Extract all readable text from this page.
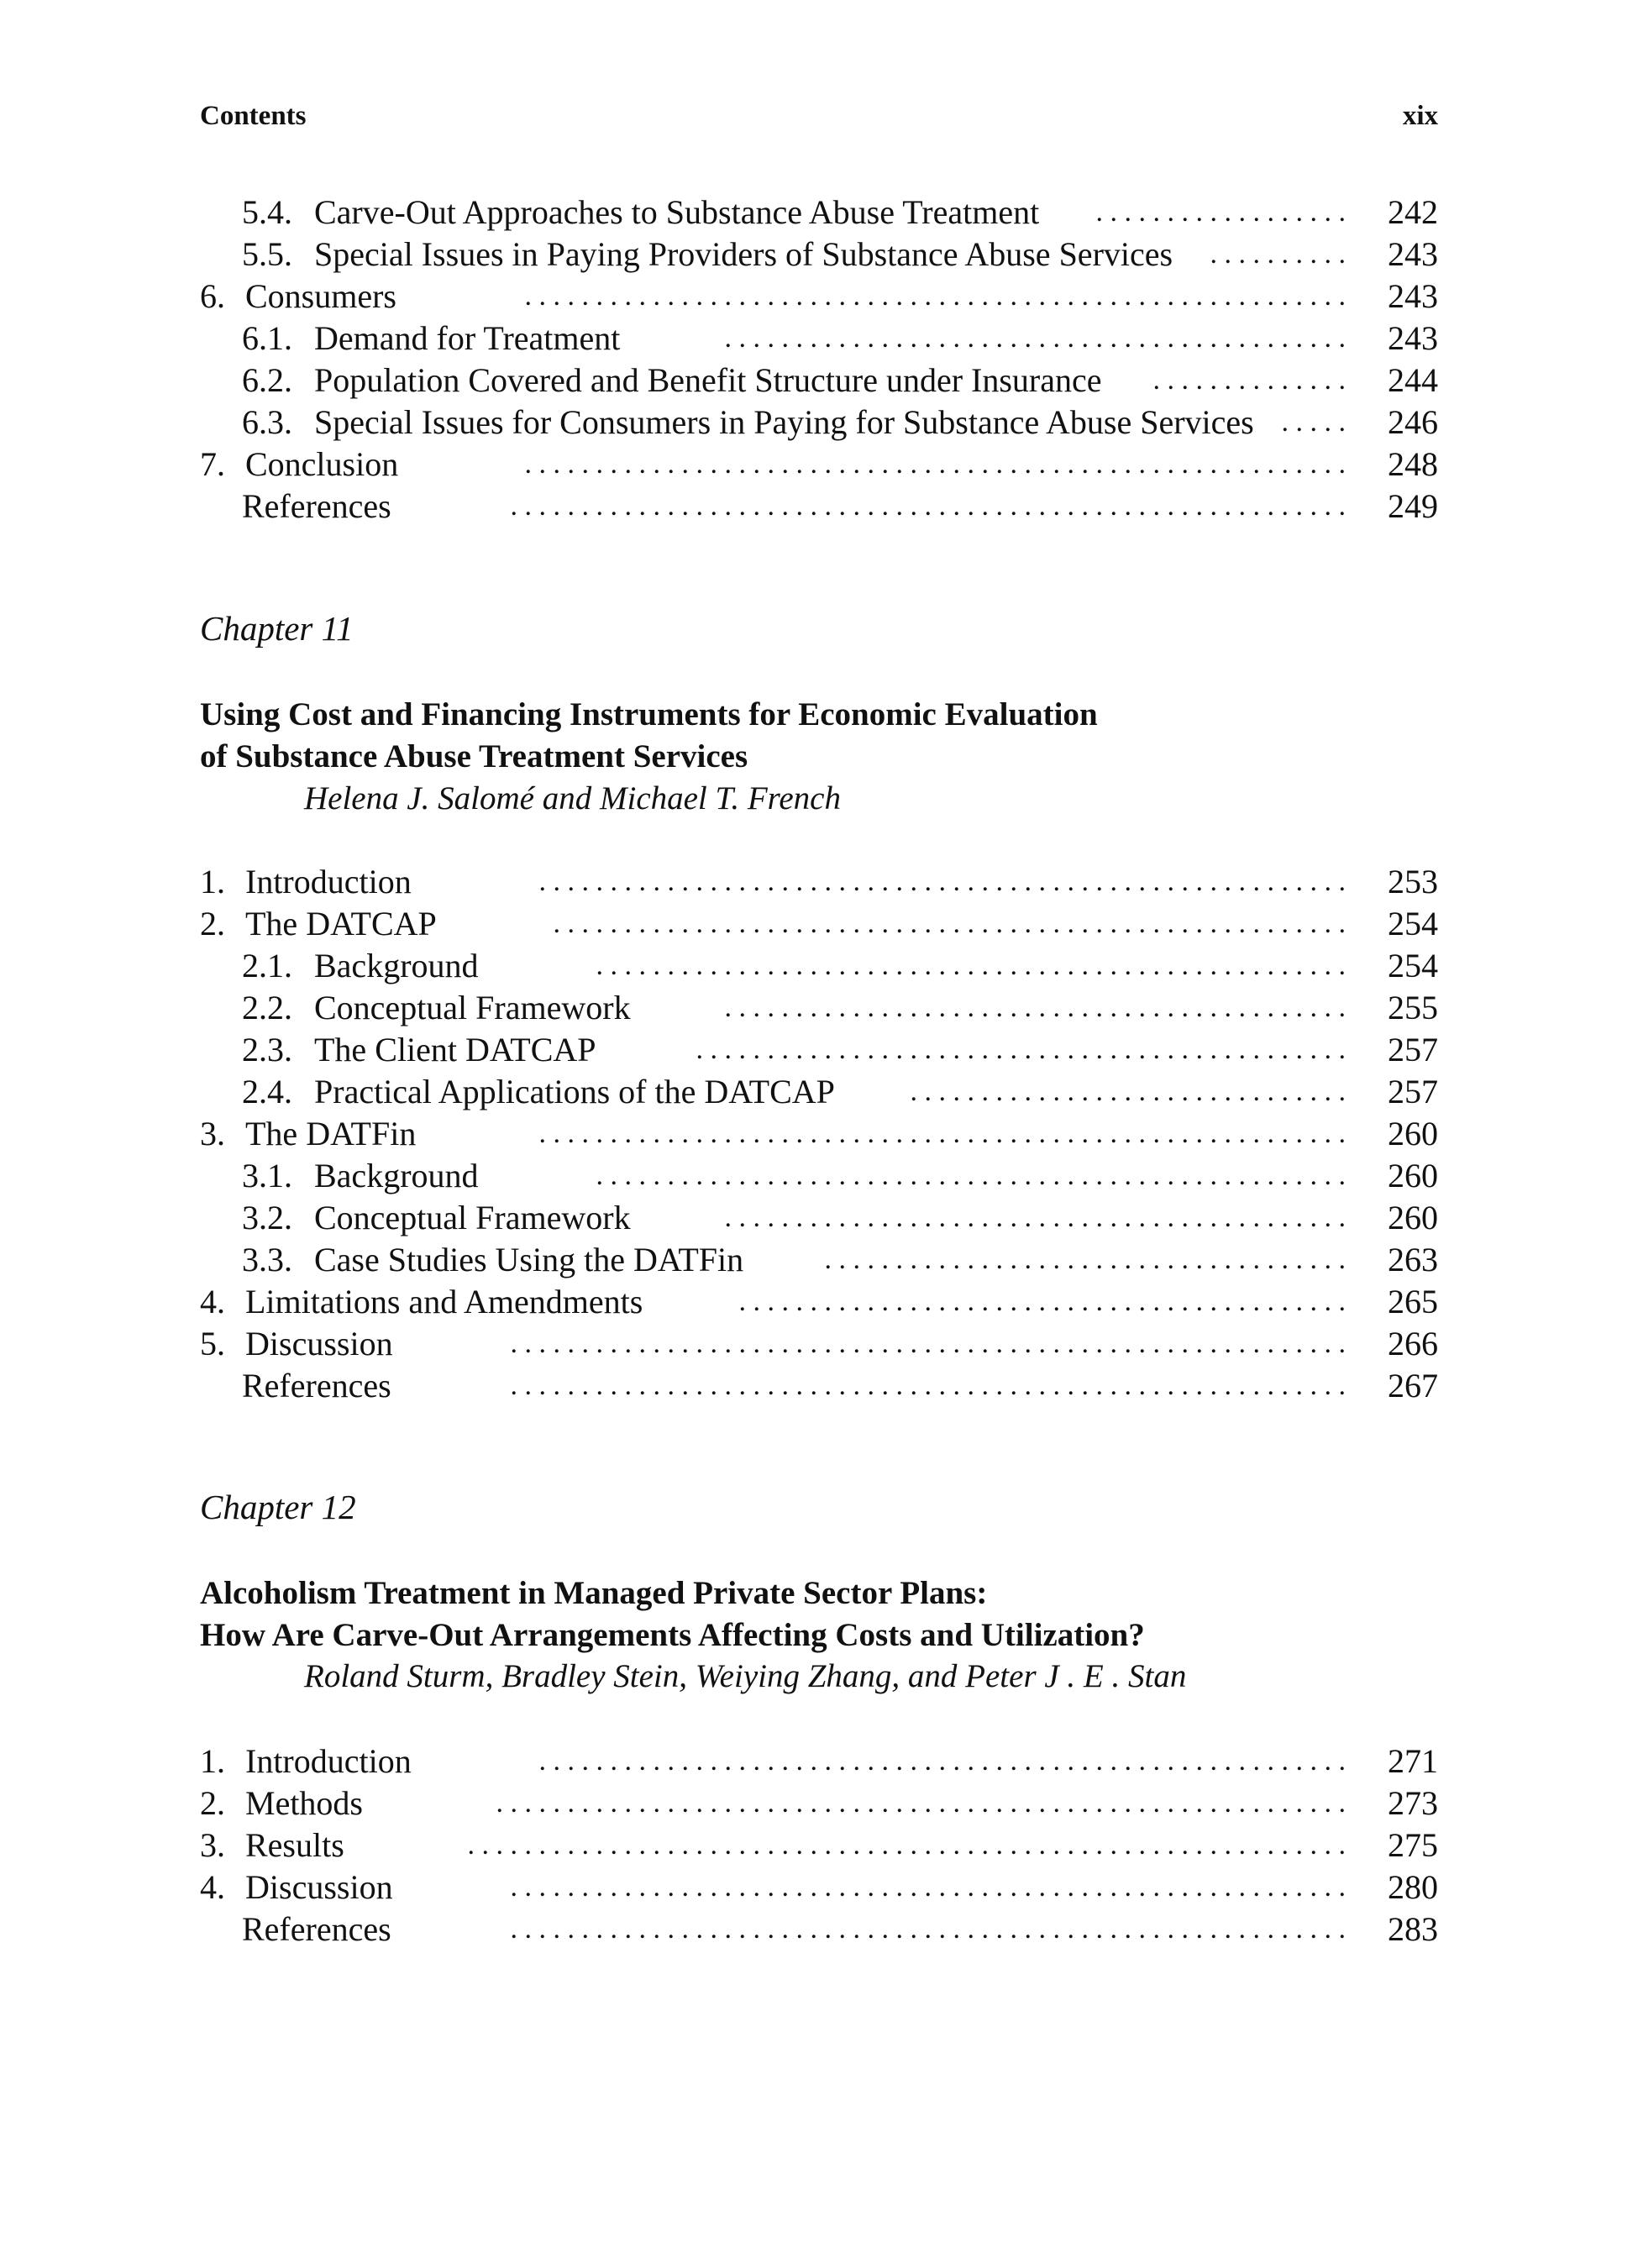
Contents	xix
5.4. Carve-Out Approaches to Substance Abuse Treatment	. . . . . . . . . . . . . . . . . .	242
5.5. Special Issues in Paying Providers of Substance Abuse Services	. . . . . . . . . .	243
6. Consumers	. . . . . . . . . . . . . . . . . . . . . . . . . . . . . . . . . . . . . . . . . . . . . . . . . . . . . . . . . .	243
6.1. Demand for Treatment	. . . . . . . . . . . . . . . . . . . . . . . . . . . . . . . . . . . . . . . . . . . .	243
6.2. Population Covered and Benefit Structure under Insurance	. . . . . . . . . . . . . .	244
6.3. Special Issues for Consumers in Paying for Substance Abuse Services . . . . .	246
7. Conclusion	. . . . . . . . . . . . . . . . . . . . . . . . . . . . . . . . . . . . . . . . . . . . . . . . . . . . . . . . . .	248
References	. . . . . . . . . . . . . . . . . . . . . . . . . . . . . . . . . . . . . . . . . . . . . . . . . . . . . . . . . . .	249
Chapter 11
Using Cost and Financing Instruments for Economic Evaluation
of Substance Abuse Treatment Services
Helena J. Salomé and Michael T. French
1. Introduction	. . . . . . . . . . . . . . . . . . . . . . . . . . . . . . . . . . . . . . . . . . . . . . . . . . . . . . . . .	253
2. The DATCAP	. . . . . . . . . . . . . . . . . . . . . . . . . . . . . . . . . . . . . . . . . . . . . . . . . . . . . . . .	254
2.1. Background	. . . . . . . . . . . . . . . . . . . . . . . . . . . . . . . . . . . . . . . . . . . . . . . . . . . . .	254
2.2. Conceptual Framework	. . . . . . . . . . . . . . . . . . . . . . . . . . . . . . . . . . . . . . . . . . . .	255
2.3. The Client DATCAP	. . . . . . . . . . . . . . . . . . . . . . . . . . . . . . . . . . . . . . . . . . . . . .	257
2.4. Practical Applications of the DATCAP	. . . . . . . . . . . . . . . . . . . . . . . . . . . . . . .	257
3. The DATFin	. . . . . . . . . . . . . . . . . . . . . . . . . . . . . . . . . . . . . . . . . . . . . . . . . . . . . . . . .	260
3.1. Background	. . . . . . . . . . . . . . . . . . . . . . . . . . . . . . . . . . . . . . . . . . . . . . . . . . . . .	260
3.2. Conceptual Framework	. . . . . . . . . . . . . . . . . . . . . . . . . . . . . . . . . . . . . . . . . . . .	260
3.3. Case Studies Using the DATFin	. . . . . . . . . . . . . . . . . . . . . . . . . . . . . . . . . . . . .	263
4. Limitations and Amendments	. . . . . . . . . . . . . . . . . . . . . . . . . . . . . . . . . . . . . . . . . . .	265
5. Discussion	. . . . . . . . . . . . . . . . . . . . . . . . . . . . . . . . . . . . . . . . . . . . . . . . . . . . . . . . . . .	266
References	. . . . . . . . . . . . . . . . . . . . . . . . . . . . . . . . . . . . . . . . . . . . . . . . . . . . . . . . . . .	267
Chapter 12
Alcoholism Treatment in Managed Private Sector Plans:
How Are Carve-Out Arrangements Affecting Costs and Utilization?
Roland Sturm, Bradley Stein, Weiying Zhang, and Peter J . E . Stan
1. Introduction	. . . . . . . . . . . . . . . . . . . . . . . . . . . . . . . . . . . . . . . . . . . . . . . . . . . . . . . . .	271
2. Methods	. . . . . . . . . . . . . . . . . . . . . . . . . . . . . . . . . . . . . . . . . . . . . . . . . . . . . . . . . . . .	273
3. Results	. . . . . . . . . . . . . . . . . . . . . . . . . . . . . . . . . . . . . . . . . . . . . . . . . . . . . . . . . . . . . .	275
4. Discussion	. . . . . . . . . . . . . . . . . . . . . . . . . . . . . . . . . . . . . . . . . . . . . . . . . . . . . . . . . . .	280
References	. . . . . . . . . . . . . . . . . . . . . . . . . . . . . . . . . . . . . . . . . . . . . . . . . . . . . . . . . . .	283
